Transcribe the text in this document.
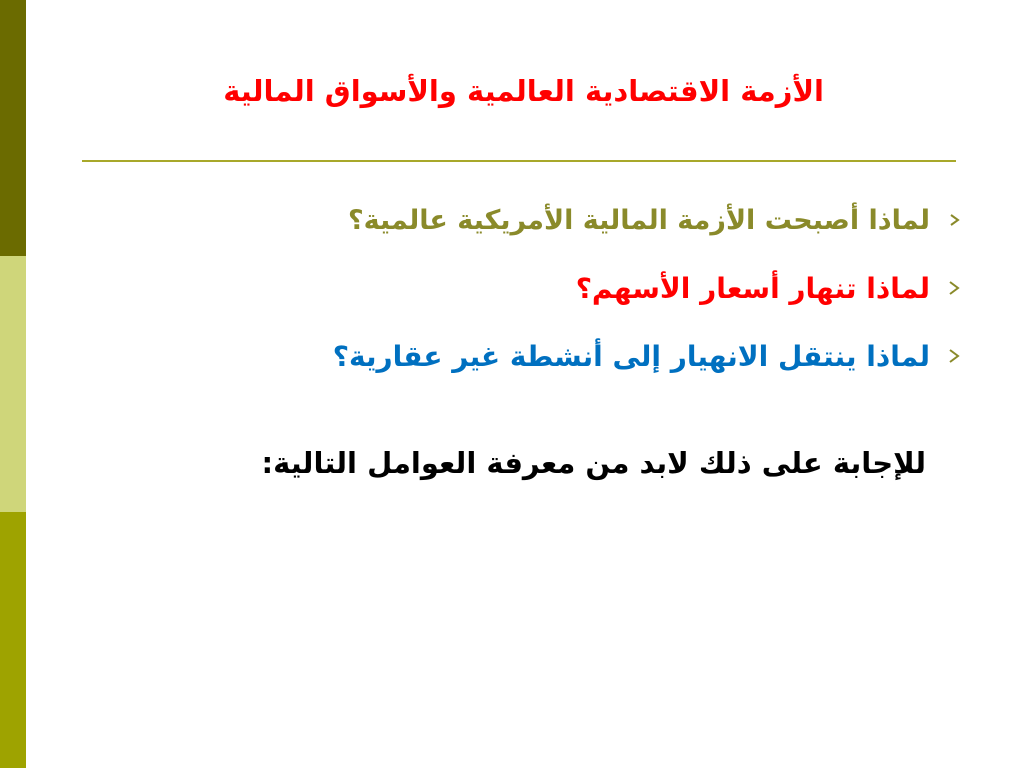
الأزمة الاقتصادية العالمية والأسواق المالية
لماذا أصبحت الأزمة المالية الأمريكية عالمية؟
لماذا تنهار أسعار الأسهم؟
لماذا ينتقل الانهيار إلى أنشطة غير عقارية؟
للإجابة على ذلك لابد من معرفة العوامل التالية:
